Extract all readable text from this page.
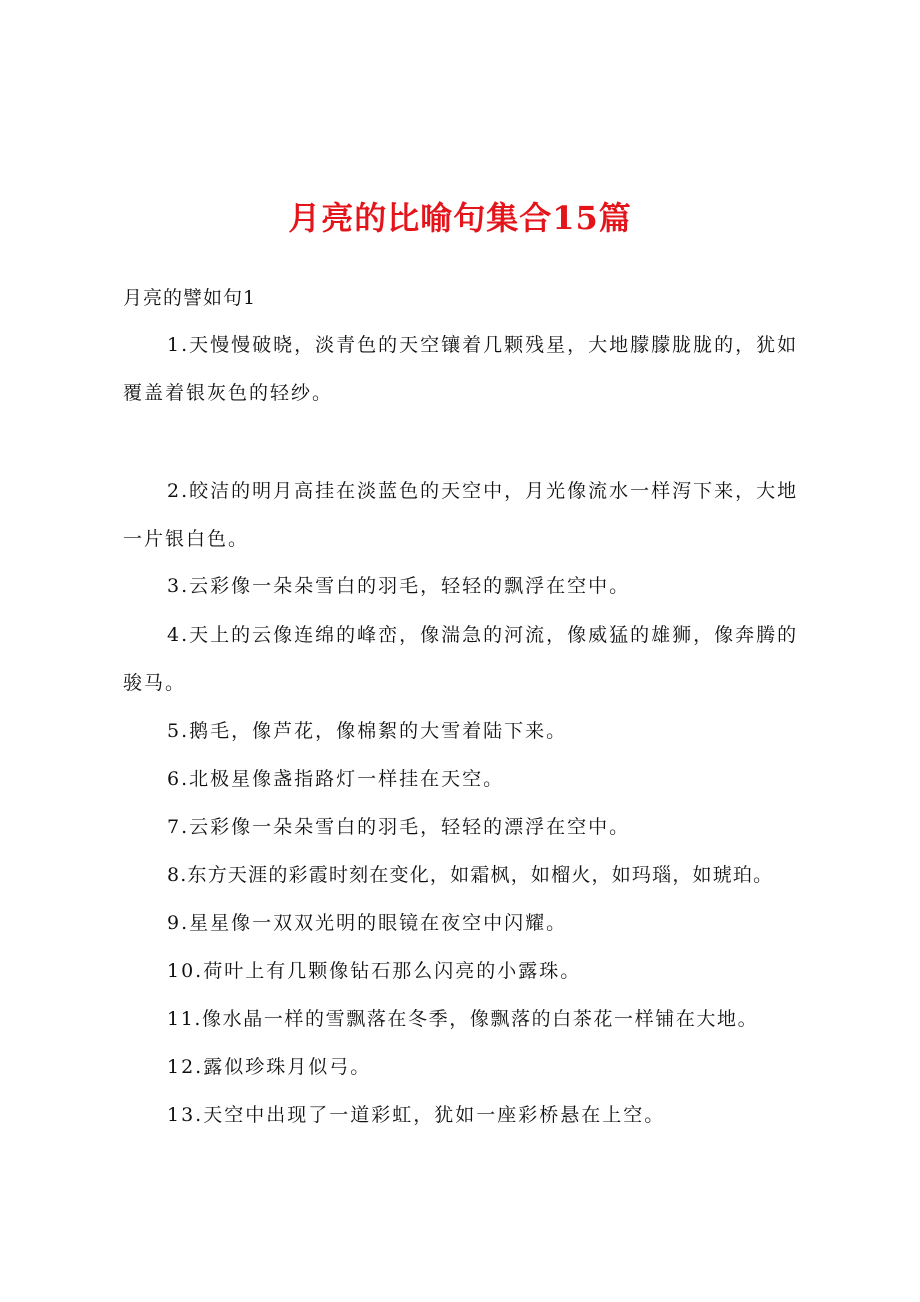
月亮的比喻句集合15篇
月亮的譬如句1

1.天慢慢破晓，淡青色的天空镶着几颗残星，大地朦朦胧胧的，犹如覆盖着银灰色的轻纱。

2.皎洁的明月高挂在淡蓝色的天空中，月光像流水一样泻下来，大地一片银白色。

3.云彩像一朵朵雪白的羽毛，轻轻的飘浮在空中。

4.天上的云像连绵的峰峦，像湍急的河流，像威猛的雄狮，像奔腾的骏马。

5.鹅毛，像芦花，像棉絮的大雪着陆下来。

6.北极星像盏指路灯一样挂在天空。

7.云彩像一朵朵雪白的羽毛，轻轻的漂浮在空中。

8.东方天涯的彩霞时刻在变化，如霜枫，如榴火，如玛瑙，如琥珀。

9.星星像一双双光明的眼镜在夜空中闪耀。

10.荷叶上有几颗像钻石那么闪亮的小露珠。

11.像水晶一样的雪飘落在冬季，像飘落的白茶花一样铺在大地。

12.露似珍珠月似弓。

13.天空中出现了一道彩虹，犹如一座彩桥悬在上空。
